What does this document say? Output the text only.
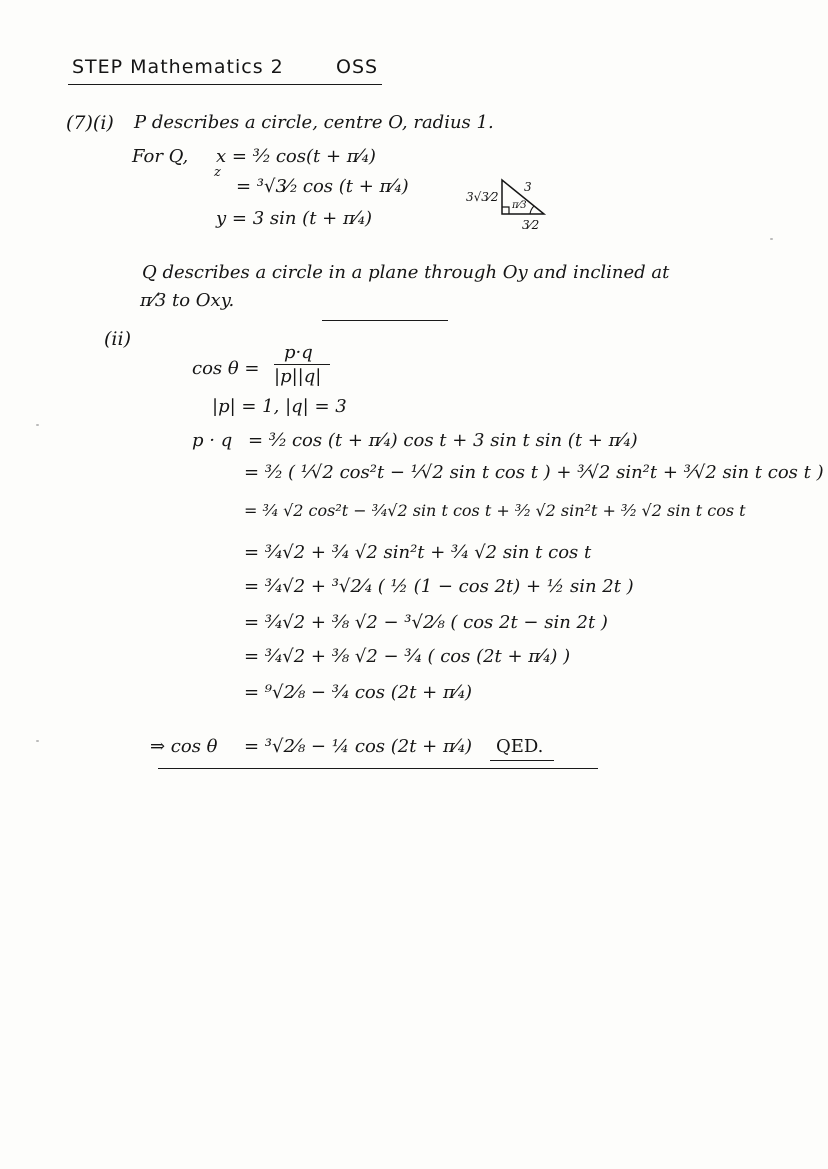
STEP Mathematics 2	OSS
(7)(i) P describes a circle, centre O, radius 1.
For Q, x = ³⁄₂ cos(t + π⁄₄)
z
= ³√3⁄₂ cos (t + π⁄₄)
y = 3 sin (t + π⁄₄)
3√3⁄2
3
π⁄3
3⁄2
Q describes a circle in a plane through Oy and inclined at
π⁄3 to Oxy.
(ii)
cos θ =
p·q
|p||q|
|p| = 1, |q| = 3
p · q = ³⁄₂ cos (t + π⁄₄) cos t + 3 sin t sin (t + π⁄₄)
= ³⁄₂ ( ¹⁄√2 cos²t − ¹⁄√2 sin t cos t ) + ³⁄√2 sin²t + ³⁄√2 sin t cos t )
= ³⁄₄ √2 cos²t − ³⁄₄√2 sin t cos t + ³⁄₂ √2 sin²t + ³⁄₂ √2 sin t cos t
= ³⁄₄√2 + ³⁄₄ √2 sin²t + ³⁄₄ √2 sin t cos t
= ³⁄₄√2 + ³√2⁄₄ ( ½ (1 − cos 2t) + ½ sin 2t )
= ³⁄₄√2 + ³⁄₈ √2 − ³√2⁄₈ ( cos 2t − sin 2t )
= ³⁄₄√2 + ³⁄₈ √2 − ³⁄₄ ( cos (2t + π⁄₄) )
= ⁹√2⁄₈ − ³⁄₄ cos (2t + π⁄₄)
⇒ cos θ = ³√2⁄₈ − ¼ cos (2t + π⁄₄) QED.
